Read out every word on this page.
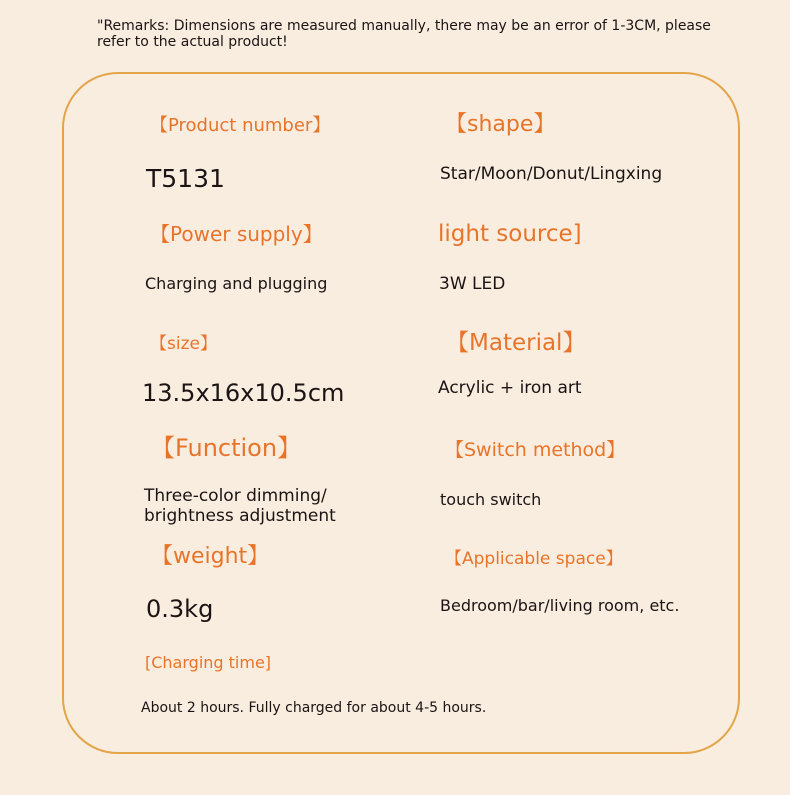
"Remarks: Dimensions are measured manually, there may be an error of 1-3CM, please refer to the actual product!
【Product number】
T5131
【Power supply】
Charging and plugging
【size】
13.5x16x10.5cm
【Function】
Three-color dimming/
brightness adjustment
【weight】
0.3kg
[Charging time]
About 2 hours. Fully charged for about 4-5 hours.
【shape】
Star/Moon/Donut/Lingxing
light source]
3W LED
【Material】
Acrylic + iron art
【Switch method】
touch switch
【Applicable space】
Bedroom/bar/living room, etc.
